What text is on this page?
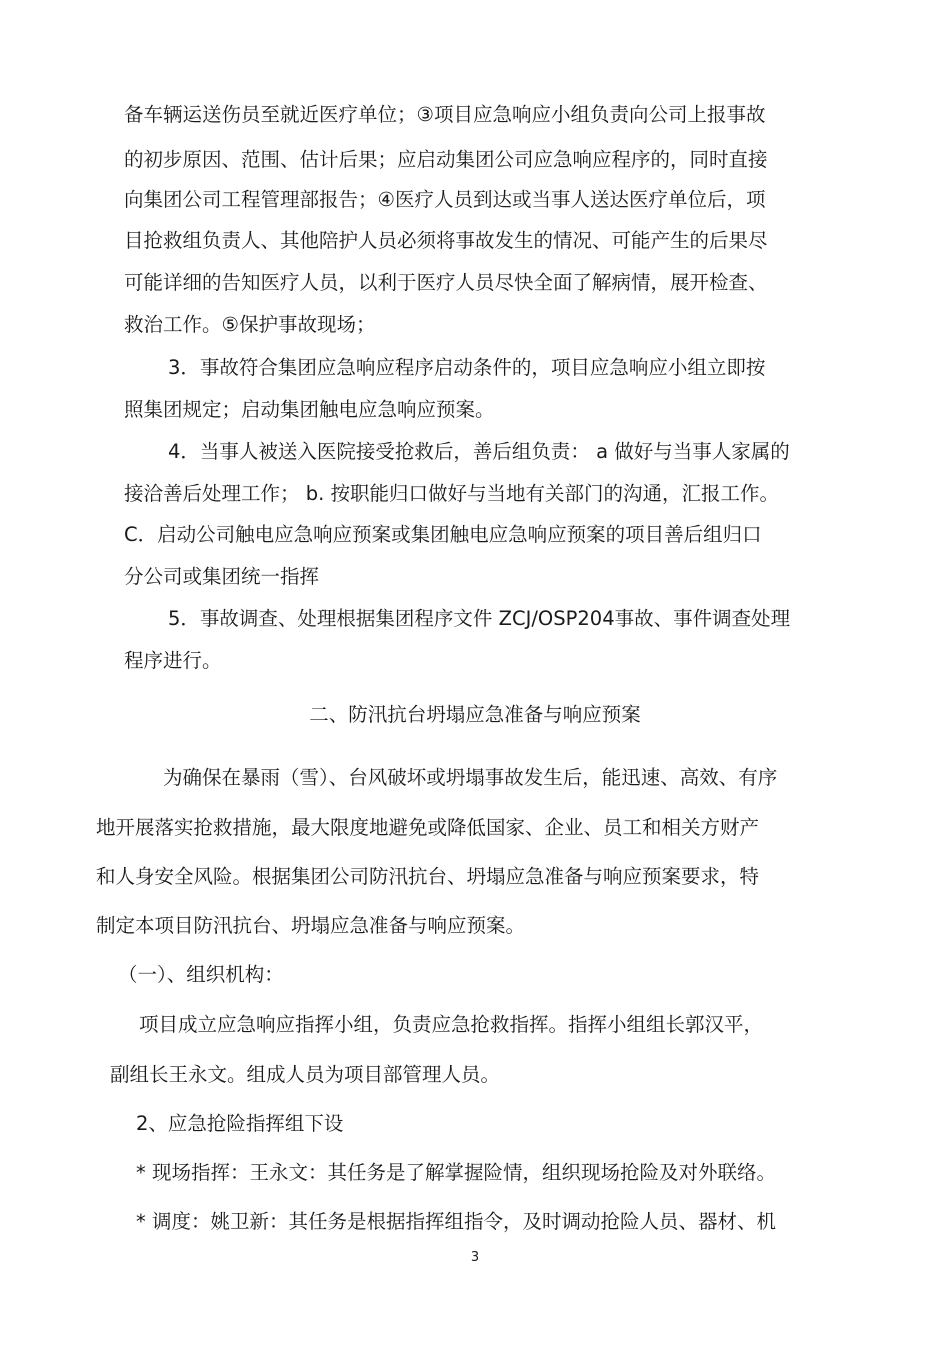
备车辆运送伤员至就近医疗单位；③项目应急响应小组负责向公司上报事故
的初步原因、范围、估计后果；应启动集团公司应急响应程序的，同时直接
向集团公司工程管理部报告；④医疗人员到达或当事人送达医疗单位后，项
目抢救组负责人、其他陪护人员必须将事故发生的情况、可能产生的后果尽
可能详细的告知医疗人员，以利于医疗人员尽快全面了解病情，展开检查、
救治工作。⑤保护事故现场；
3．事故符合集团应急响应程序启动条件的，项目应急响应小组立即按
照集团规定；启动集团触电应急响应预案。
4．当事人被送入医院接受抢救后，善后组负责： a 做好与当事人家属的
接洽善后处理工作； b. 按职能归口做好与当地有关部门的沟通，汇报工作。
C．启动公司触电应急响应预案或集团触电应急响应预案的项目善后组归口
分公司或集团统一指挥
5．事故调查、处理根据集团程序文件 ZCJ/OSP204事故、事件调查处理
程序进行。
二、防汛抗台坍塌应急准备与响应预案
为确保在暴雨（雪）、台风破坏或坍塌事故发生后，能迅速、高效、有序
地开展落实抢救措施，最大限度地避免或降低国家、企业、员工和相关方财产
和人身安全风险。根据集团公司防汛抗台、坍塌应急准备与响应预案要求，特
制定本项目防汛抗台、坍塌应急准备与响应预案。
（一）、组织机构：
项目成立应急响应指挥小组，负责应急抢救指挥。指挥小组组长郭汉平，
副组长王永文。组成人员为项目部管理人员。
2、应急抢险指挥组下设
* 现场指挥：王永文：其任务是了解掌握险情，组织现场抢险及对外联络。
* 调度：姚卫新：其任务是根据指挥组指令，及时调动抢险人员、器材、机
3
